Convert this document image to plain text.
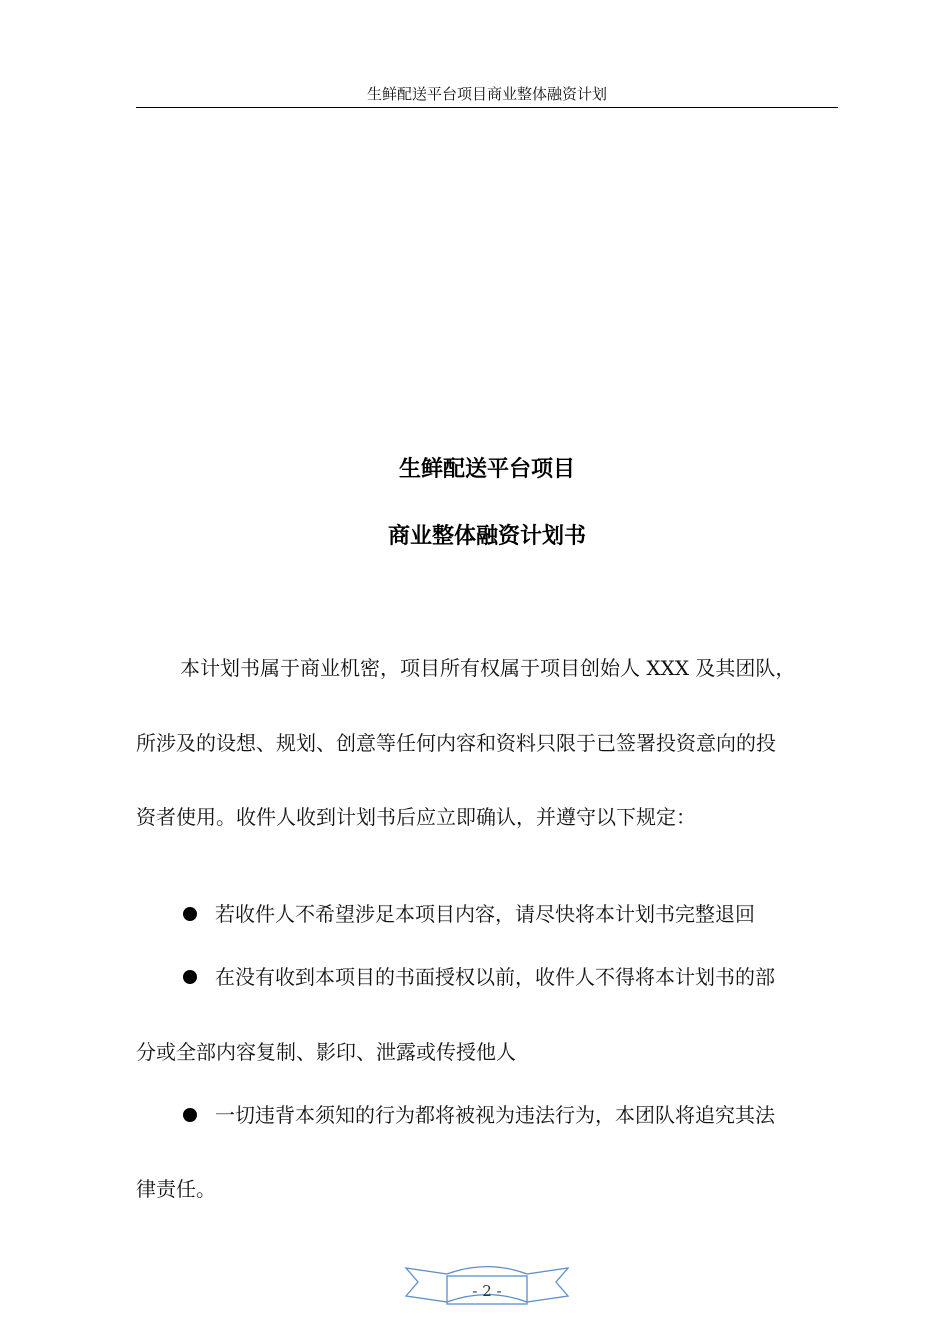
生鲜配送平台项目商业整体融资计划
生鲜配送平台项目
商业整体融资计划书
本计划书属于商业机密，项目所有权属于项目创始人 XXX 及其团队，
所涉及的设想、规划、创意等任何内容和资料只限于已签署投资意向的投
资者使用。收件人收到计划书后应立即确认，并遵守以下规定：
若收件人不希望涉足本项目内容，请尽快将本计划书完整退回
在没有收到本项目的书面授权以前，收件人不得将本计划书的部
分或全部内容复制、影印、泄露或传授他人
一切违背本须知的行为都将被视为违法行为，本团队将追究其法
律责任。
- 2 -
